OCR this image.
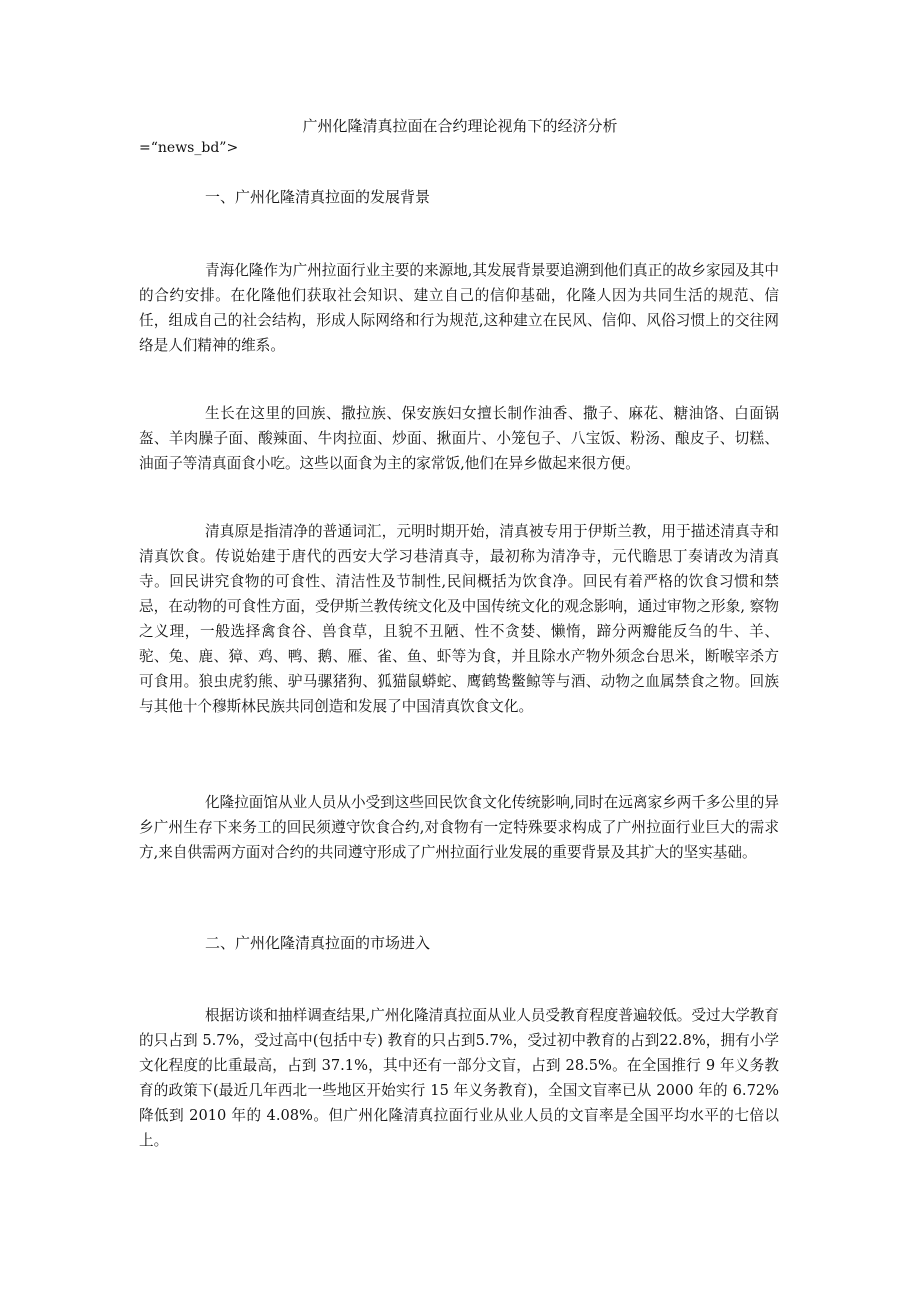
广州化隆清真拉面在合约理论视角下的经济分析
=“news_bd”>
一、广州化隆清真拉面的发展背景

青海化隆作为广州拉面行业主要的来源地,其发展背景要追溯到他们真正的故乡家园及其中的合约安排。在化隆他们获取社会知识、建立自己的信仰基础，化隆人因为共同生活的规范、信任，组成自己的社会结构，形成人际网络和行为规范,这种建立在民风、信仰、风俗习惯上的交往网络是人们精神的维系。

生长在这里的回族、撒拉族、保安族妇女擅长制作油香、撒子、麻花、糖油饹、白面锅盔、羊肉臊子面、酸辣面、牛肉拉面、炒面、揪面片、小笼包子、八宝饭、粉汤、酿皮子、切糕、油面子等清真面食小吃。这些以面食为主的家常饭,他们在异乡做起来很方便。

清真原是指清净的普通词汇，元明时期开始，清真被专用于伊斯兰教，用于描述清真寺和清真饮食。传说始建于唐代的西安大学习巷清真寺，最初称为清净寺，元代瞻思丁奏请改为清真寺。回民讲究食物的可食性、清洁性及节制性,民间概括为饮食净。回民有着严格的饮食习惯和禁忌，在动物的可食性方面，受伊斯兰教传统文化及中国传统文化的观念影响，通过审物之形象, 察物之义理，一般选择禽食谷、兽食草，且貌不丑陋、性不贪婪、懒惰，蹄分两瓣能反刍的牛、羊、驼、兔、鹿、獐、鸡、鸭、鹅、雁、雀、鱼、虾等为食，并且除水产物外须念台思米，断喉宰杀方可食用。狼虫虎豹熊、驴马骡猪狗、狐猫鼠蟒蛇、鹰鹤鸷鳖鲸等与酒、动物之血属禁食之物。回族与其他十个穆斯林民族共同创造和发展了中国清真饮食文化。

化隆拉面馆从业人员从小受到这些回民饮食文化传统影响,同时在远离家乡两千多公里的异乡广州生存下来务工的回民须遵守饮食合约,对食物有一定特殊要求构成了广州拉面行业巨大的需求方,来自供需两方面对合约的共同遵守形成了广州拉面行业发展的重要背景及其扩大的坚实基础。

二、广州化隆清真拉面的市场进入

根据访谈和抽样调查结果,广州化隆清真拉面从业人员受教育程度普遍较低。受过大学教育的只占到 5.7%，受过高中(包括中专) 教育的只占到5.7%，受过初中教育的占到22.8%，拥有小学文化程度的比重最高，占到 37.1%，其中还有一部分文盲，占到 28.5%。在全国推行 9 年义务教育的政策下(最近几年西北一些地区开始实行 15 年义务教育)，全国文盲率已从 2000 年的 6.72%降低到 2010 年的 4.08%。但广州化隆清真拉面行业从业人员的文盲率是全国平均水平的七倍以上。
